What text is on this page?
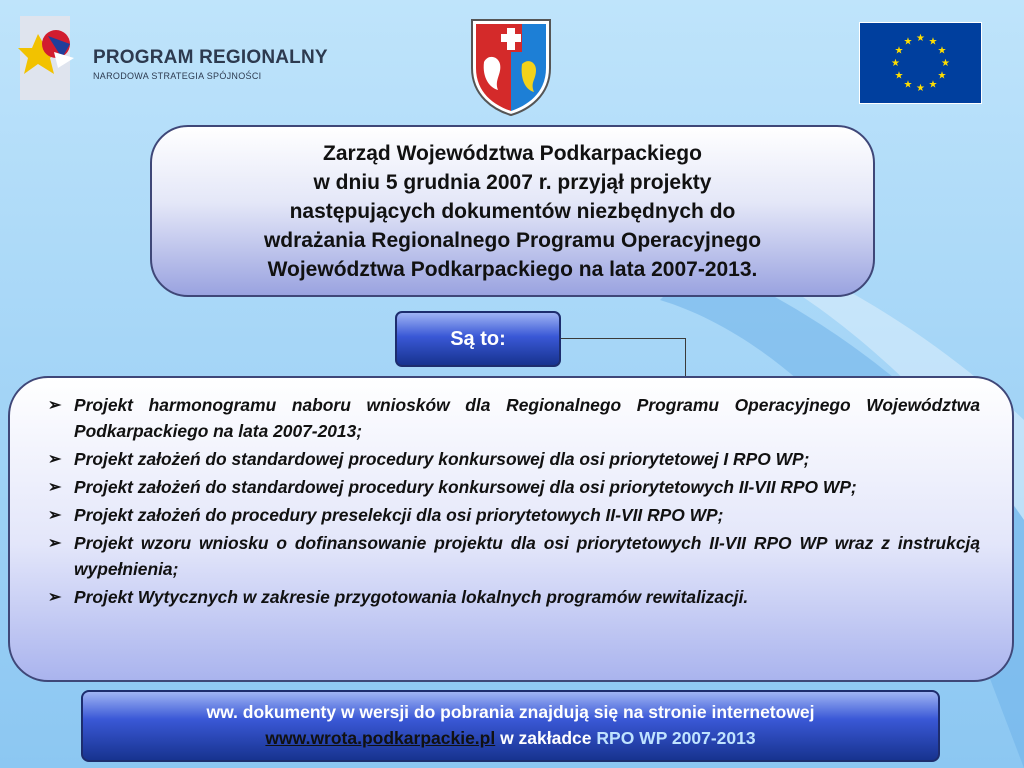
PROGRAM REGIONALNY
NARODOWA STRATEGIA SPÓJNOŚCI
★ ★
★
★
★
★
★
★
★
★
★
★

Zarząd Województwa Podkarpackiego
w dniu 5 grudnia 2007 r. przyjął projekty
następujących dokumentów niezbędnych do
wdrażania Regionalnego Programu Operacyjnego
Województwa Podkarpackiego na lata 2007-2013.

Są to:
➢ Projekt harmonogramu naboru wniosków dla Regionalnego Programu Operacyjnego Województwa Podkarpackiego na lata 2007-2013;
➢ Projekt założeń do standardowej procedury konkursowej dla osi priorytetowej I RPO WP;
➢ Projekt założeń do standardowej procedury konkursowej dla osi priorytetowych II-VII RPO WP;
➢ Projekt założeń do procedury preselekcji dla osi priorytetowych II-VII RPO WP;
➢ Projekt wzoru wniosku o dofinansowanie projektu dla osi priorytetowych II-VII RPO WP wraz z instrukcją wypełnienia;
➢ Projekt Wytycznych w zakresie przygotowania lokalnych programów rewitalizacji.
ww. dokumenty w wersji do pobrania znajdują się na stronie internetowej
www.wrota.podkarpackie.pl w zakładce RPO WP 2007-2013
